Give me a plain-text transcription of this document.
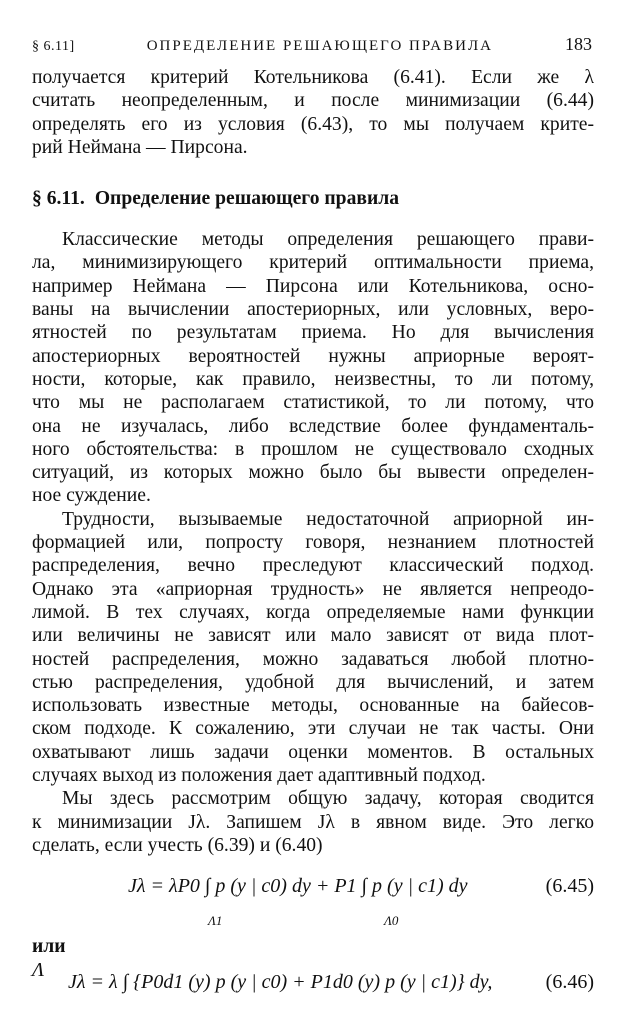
§ 6.11]	ОПРЕДЕЛЕНИЕ РЕШАЮЩЕГО ПРАВИЛА	183

получается критерий Котельникова (6.41). Если же λ
считать неопределенным, и после минимизации (6.44)
определять его из условия (6.43), то мы получаем крите-
рий Неймана — Пирсона.

§ 6.11. Определение решающего правила

Классические методы определения решающего прави-
ла, минимизирующего критерий оптимальности приема,
например Неймана — Пирсона или Котельникова, осно-
ваны на вычислении апостериорных, или условных, веро-
ятностей по результатам приема. Но для вычисления
апостериорных вероятностей нужны априорные вероят-
ности, которые, как правило, неизвестны, то ли потому,
что мы не располагаем статистикой, то ли потому, что
она не изучалась, либо вследствие более фундаменталь-
ного обстоятельства: в прошлом не существовало сходных
ситуаций, из которых можно было бы вывести определен-
ное суждение.

Трудности, вызываемые недостаточной априорной ин-
формацией или, попросту говоря, незнанием плотностей
распределения, вечно преследуют классический подход.
Однако эта «априорная трудность» не является непреодо-
лимой. В тех случаях, когда определяемые нами функции
или величины не зависят или мало зависят от вида плот-
ностей распределения, можно задаваться любой плотно-
стью распределения, удобной для вычислений, и затем
использовать известные методы, основанные на байесов-
ском подходе. К сожалению, эти случаи не так часты. Они
охватывают лишь задачи оценки моментов. В остальных
случаях выход из положения дает адаптивный подход.

Мы здесь рассмотрим общую задачу, которая сводится
к минимизации Jλ. Запишем Jλ в явном виде. Это легко
сделать, если учесть (6.39) и (6.40)

Jλ = λP0 ∫ p (y | c0) dy + P1 ∫ p (y | c1) dy
Λ1	Λ0
(6.45)
или
Jλ = λ ∫ {P0d1 (y) p (y | c0) + P1d0 (y) p (y | c1)} dy,
Λ
(6.46)
